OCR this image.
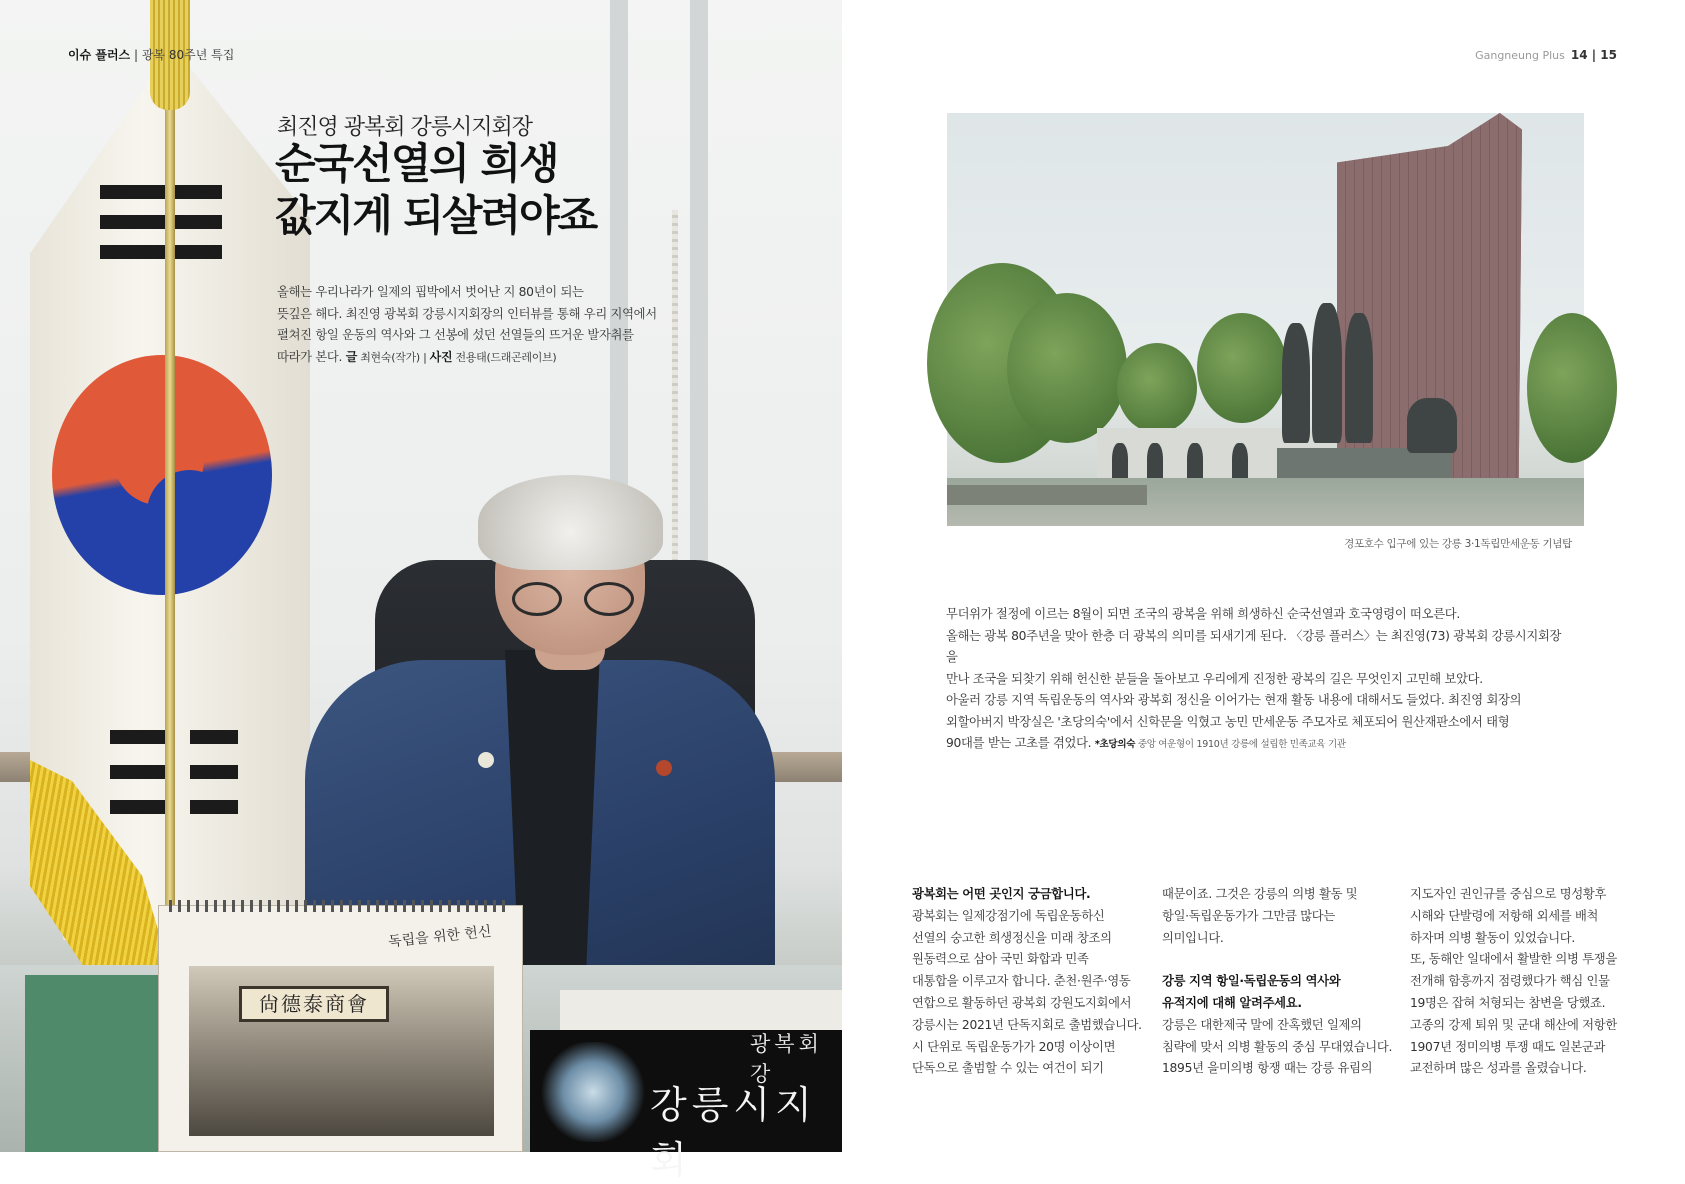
독립을 위한 헌신
尙德泰商會
광복회 강
강릉시지회
이슈 플러스 | 광복 80주년 특집
최진영 광복회 강릉시지회장
순국선열의 희생
값지게 되살려야죠
올해는 우리나라가 일제의 핍박에서 벗어난 지 80년이 되는
뜻깊은 해다. 최진영 광복회 강릉시지회장의 인터뷰를 통해 우리 지역에서
펼쳐진 항일 운동의 역사와 그 선봉에 섰던 선열들의 뜨거운 발자취를
따라가 본다. 글 최현숙(작가) | 사진 전용태(드래곤레이브)
Gangneung Plus 14 | 15
경포호수 입구에 있는 강릉 3·1독립만세운동 기념탑
무더위가 절정에 이르는 8월이 되면 조국의 광복을 위해 희생하신 순국선열과 호국영령이 떠오른다.
올해는 광복 80주년을 맞아 한층 더 광복의 의미를 되새기게 된다. 〈강릉 플러스〉는 최진영(73) 광복회 강릉시지회장을
만나 조국을 되찾기 위해 헌신한 분들을 돌아보고 우리에게 진정한 광복의 길은 무엇인지 고민해 보았다.
아울러 강릉 지역 독립운동의 역사와 광복회 정신을 이어가는 현재 활동 내용에 대해서도 들었다. 최진영 회장의
외할아버지 박장실은 '초당의숙'에서 신학문을 익혔고 농민 만세운동 주모자로 체포되어 원산재판소에서 태형
90대를 받는 고초를 겪었다. *초당의숙 중앙 여운형이 1910년 강릉에 설립한 민족교육 기관

광복회는 어떤 곳인지 궁금합니다.

광복회는 일제강점기에 독립운동하신

선열의 숭고한 희생정신을 미래 창조의

원동력으로 삼아 국민 화합과 민족

대통합을 이루고자 합니다. 춘천·원주·영동

연합으로 활동하던 광복회 강원도지회에서

강릉시는 2021년 단독지회로 출범했습니다.

시 단위로 독립운동가가 20명 이상이면

단독으로 출범할 수 있는 여건이 되기

때문이죠. 그것은 강릉의 의병 활동 및

항일·독립운동가가 그만큼 많다는

의미입니다.

강릉 지역 항일·독립운동의 역사와

유적지에 대해 알려주세요.

강릉은 대한제국 말에 잔혹했던 일제의

침략에 맞서 의병 활동의 중심 무대였습니다.

1895년 을미의병 항쟁 때는 강릉 유림의

지도자인 권인규를 중심으로 명성황후

시해와 단발령에 저항해 외세를 배척

하자며 의병 활동이 있었습니다.

또, 동해안 일대에서 활발한 의병 투쟁을

전개해 함흥까지 점령했다가 핵심 인물

19명은 잡혀 처형되는 참변을 당했죠.

고종의 강제 퇴위 및 군대 해산에 저항한

1907년 정미의병 투쟁 때도 일본군과

교전하며 많은 성과를 올렸습니다.
